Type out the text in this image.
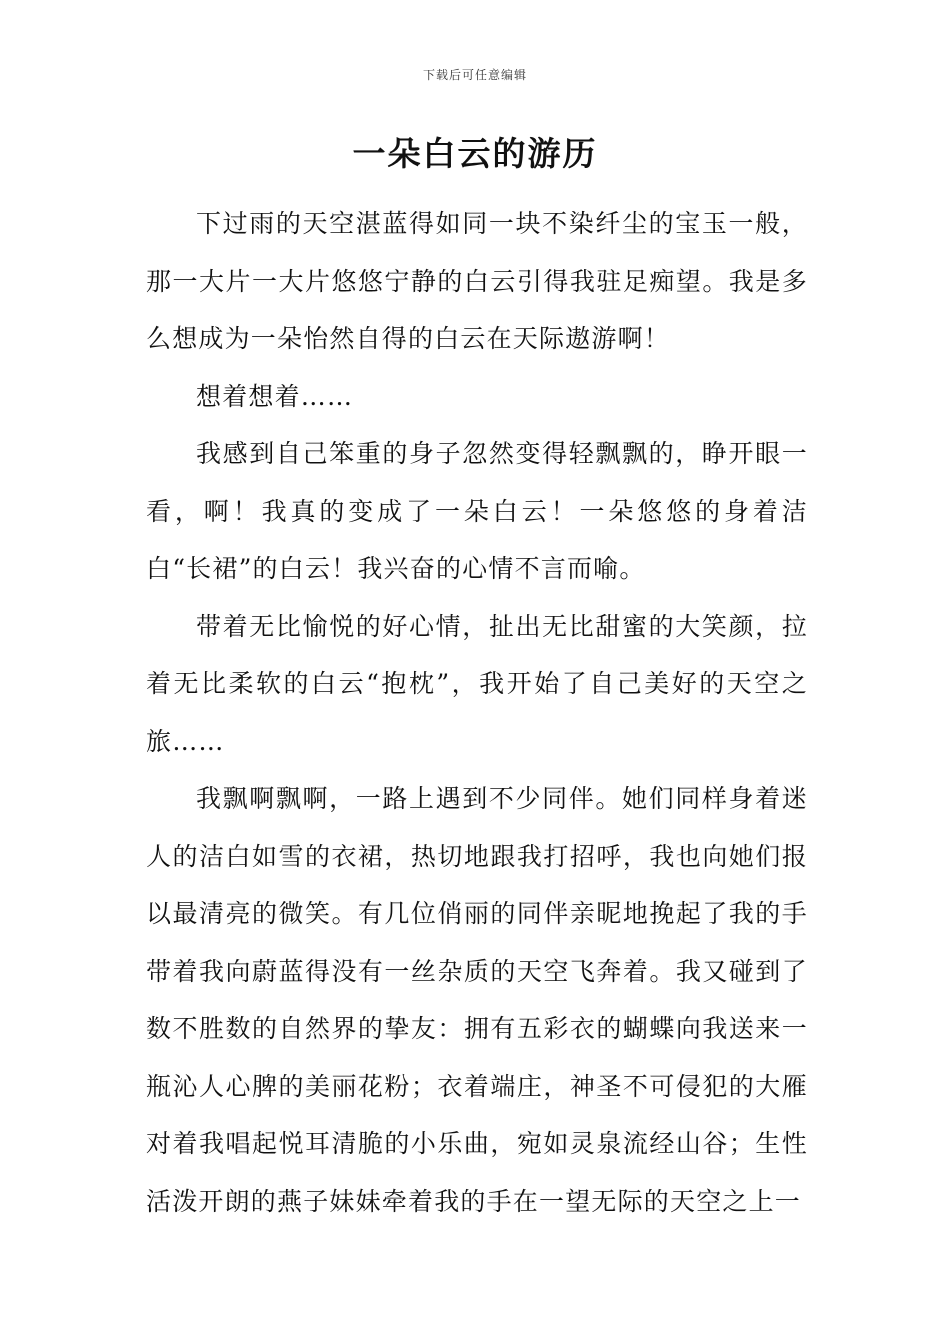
下载后可任意编辑
一朵白云的游历

下过雨的天空湛蓝得如同一块不染纤尘的宝玉一般，那一大片一大片悠悠宁静的白云引得我驻足痴望。我是多么想成为一朵怡然自得的白云在天际遨游啊！

想着想着……

我感到自己笨重的身子忽然变得轻飘飘的，睁开眼一看，啊！我真的变成了一朵白云！一朵悠悠的身着洁白“长裙”的白云！我兴奋的心情不言而喻。

带着无比愉悦的好心情，扯出无比甜蜜的大笑颜，拉着无比柔软的白云“抱枕”，我开始了自己美好的天空之旅……

我飘啊飘啊，一路上遇到不少同伴。她们同样身着迷人的洁白如雪的衣裙，热切地跟我打招呼，我也向她们报以最清亮的微笑。有几位俏丽的同伴亲昵地挽起了我的手带着我向蔚蓝得没有一丝杂质的天空飞奔着。我又碰到了数不胜数的自然界的挚友：拥有五彩衣的蝴蝶向我送来一瓶沁人心脾的美丽花粉；衣着端庄，神圣不可侵犯的大雁对着我唱起悦耳清脆的小乐曲，宛如灵泉流经山谷；生性活泼开朗的燕子妹妹牵着我的手在一望无际的天空之上一
